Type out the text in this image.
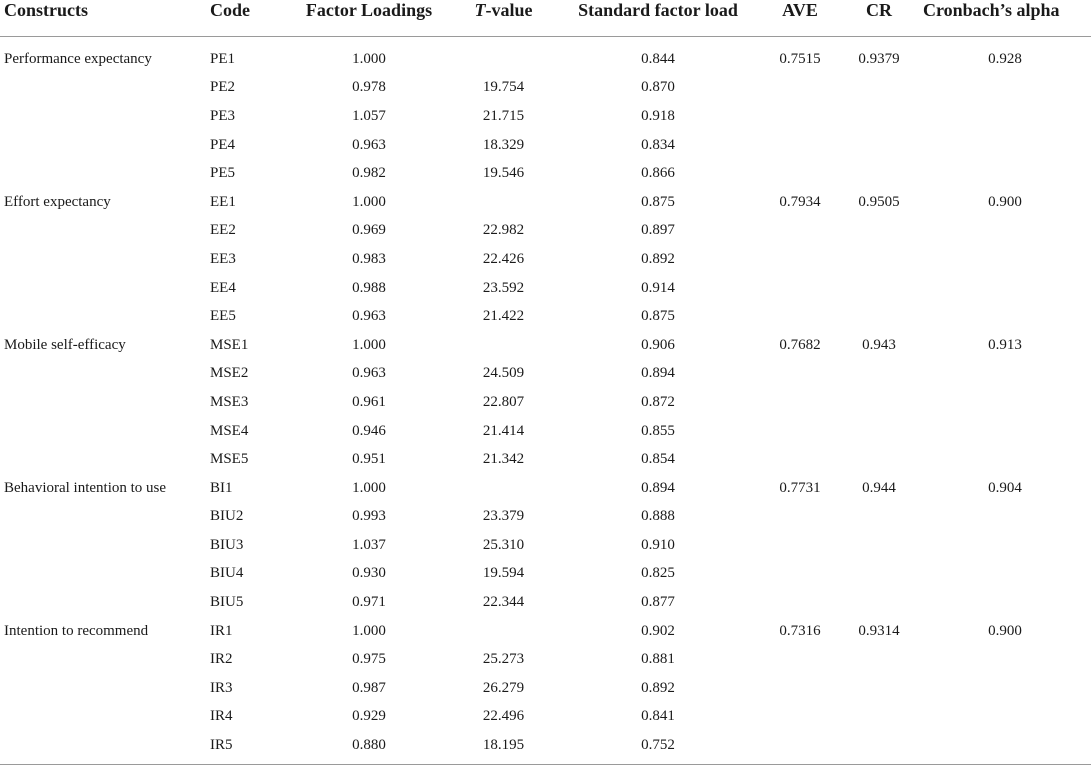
Constructs	Code	Factor Loadings	T-value	Standard factor load	AVE	CR	Cronbach’s alpha
Performance expectancy	PE1	1.000		0.844	0.7515	0.9379	0.928
	PE2	0.978	19.754	0.870			
	PE3	1.057	21.715	0.918			
	PE4	0.963	18.329	0.834			
	PE5	0.982	19.546	0.866			
Effort expectancy	EE1	1.000		0.875	0.7934	0.9505	0.900
	EE2	0.969	22.982	0.897			
	EE3	0.983	22.426	0.892			
	EE4	0.988	23.592	0.914			
	EE5	0.963	21.422	0.875			
Mobile self-efficacy	MSE1	1.000		0.906	0.7682	0.943	0.913
	MSE2	0.963	24.509	0.894			
	MSE3	0.961	22.807	0.872			
	MSE4	0.946	21.414	0.855			
	MSE5	0.951	21.342	0.854			
Behavioral intention to use	BI1	1.000		0.894	0.7731	0.944	0.904
	BIU2	0.993	23.379	0.888			
	BIU3	1.037	25.310	0.910			
	BIU4	0.930	19.594	0.825			
	BIU5	0.971	22.344	0.877			
Intention to recommend	IR1	1.000		0.902	0.7316	0.9314	0.900
	IR2	0.975	25.273	0.881			
	IR3	0.987	26.279	0.892			
	IR4	0.929	22.496	0.841			
	IR5	0.880	18.195	0.752			
